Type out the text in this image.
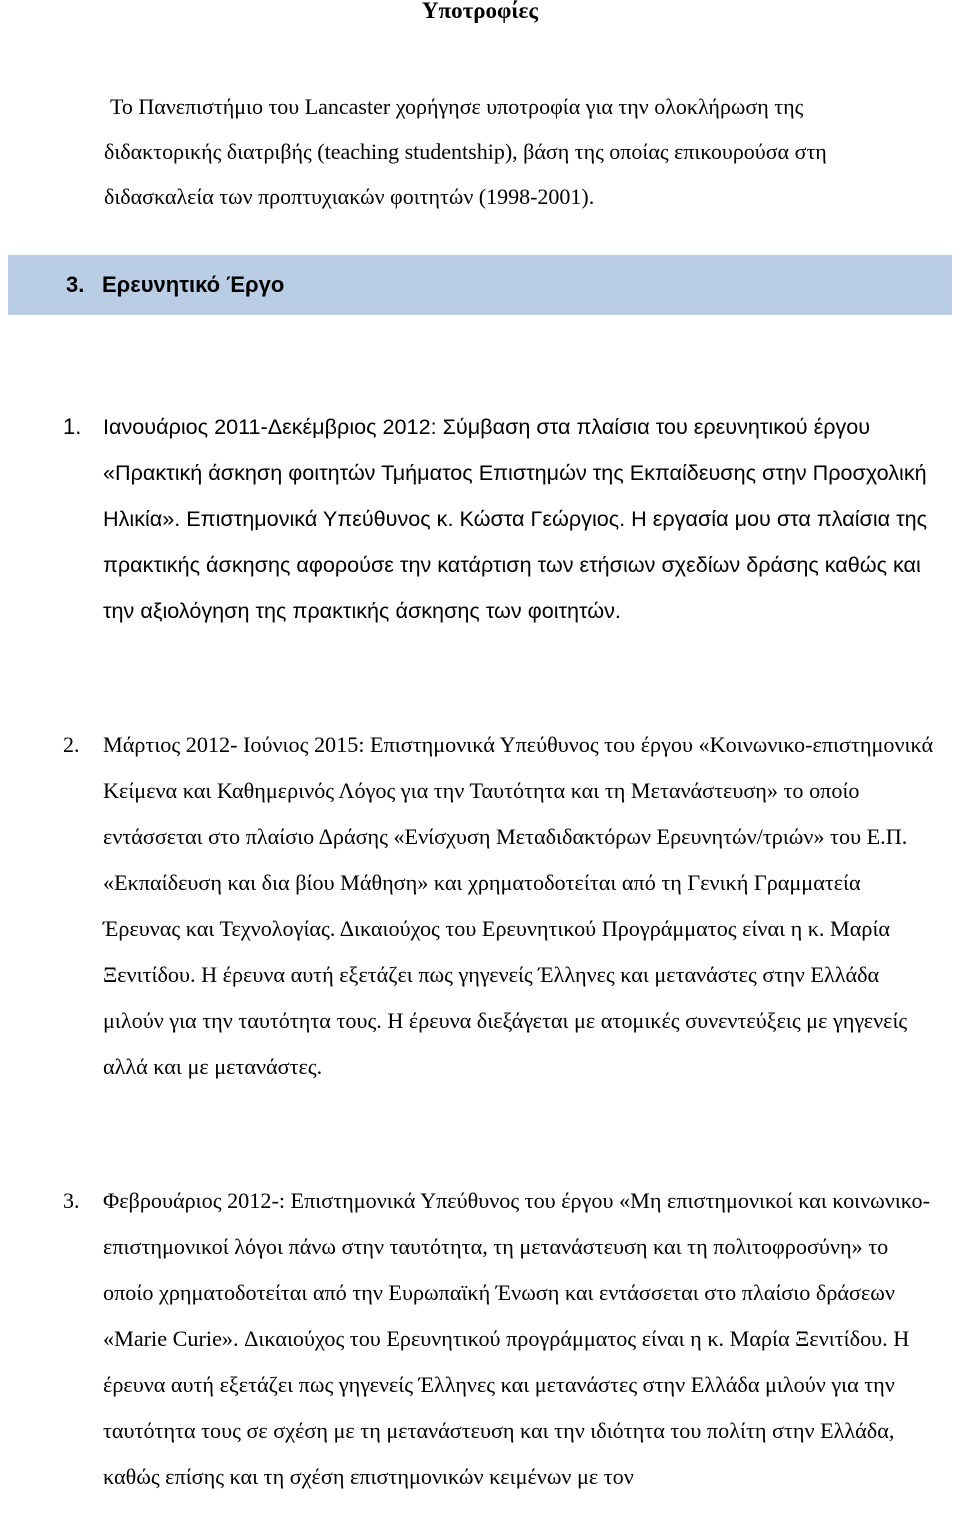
Υποτροφίες
Το Πανεπιστήμιο του Lancaster χορήγησε υποτροφία για την ολοκλήρωση της διδακτορικής διατριβής (teaching studentship), βάση της οποίας επικουρούσα στη διδασκαλεία των προπτυχιακών φοιτητών (1998-2001).
3. Ερευνητικό Έργο
1. Ιανουάριος 2011-Δεκέμβριος 2012: Σύμβαση στα πλαίσια του ερευνητικού έργου «Πρακτική άσκηση φοιτητών Τμήματος Επιστημών της Εκπαίδευσης στην Προσχολική Ηλικία». Επιστημονικά Υπεύθυνος κ. Κώστα Γεώργιος. Η εργασία μου στα πλαίσια της πρακτικής άσκησης αφορούσε την κατάρτιση των ετήσιων σχεδίων δράσης καθώς και την αξιολόγηση της πρακτικής άσκησης των φοιτητών.
2. Μάρτιος 2012- Ιούνιος 2015: Επιστημονικά Υπεύθυνος του έργου «Κοινωνικο-επιστημονικά Κείμενα και Καθημερινός Λόγος για την Ταυτότητα και τη Μετανάστευση» το οποίο εντάσσεται στο πλαίσιο Δράσης «Ενίσχυση Μεταδιδακτόρων Ερευνητών/τριών» του Ε.Π. «Εκπαίδευση και δια βίου Μάθηση» και χρηματοδοτείται από τη Γενική Γραμματεία Έρευνας και Τεχνολογίας. Δικαιούχος του Ερευνητικού Προγράμματος είναι η κ. Μαρία Ξενιτίδου. Η έρευνα αυτή εξετάζει πως γηγενείς Έλληνες και μετανάστες στην Ελλάδα μιλούν για την ταυτότητα τους. Η έρευνα διεξάγεται με ατομικές συνεντεύξεις με γηγενείς αλλά και με μετανάστες.
3. Φεβρουάριος 2012-: Επιστημονικά Υπεύθυνος του έργου «Μη επιστημονικοί και κοινωνικο-επιστημονικοί λόγοι πάνω στην ταυτότητα, τη μετανάστευση και τη πολιτοφροσύνη» το οποίο χρηματοδοτείται από την Ευρωπαϊκή Ένωση και εντάσσεται στο πλαίσιο δράσεων «Marie Curie». Δικαιούχος του Ερευνητικού προγράμματος είναι η κ. Μαρία Ξενιτίδου. Η έρευνα αυτή εξετάζει πως γηγενείς Έλληνες και μετανάστες στην Ελλάδα μιλούν για την ταυτότητα τους σε σχέση με τη μετανάστευση και την ιδιότητα του πολίτη στην Ελλάδα, καθώς επίσης και τη σχέση επιστημονικών κειμένων με τον
